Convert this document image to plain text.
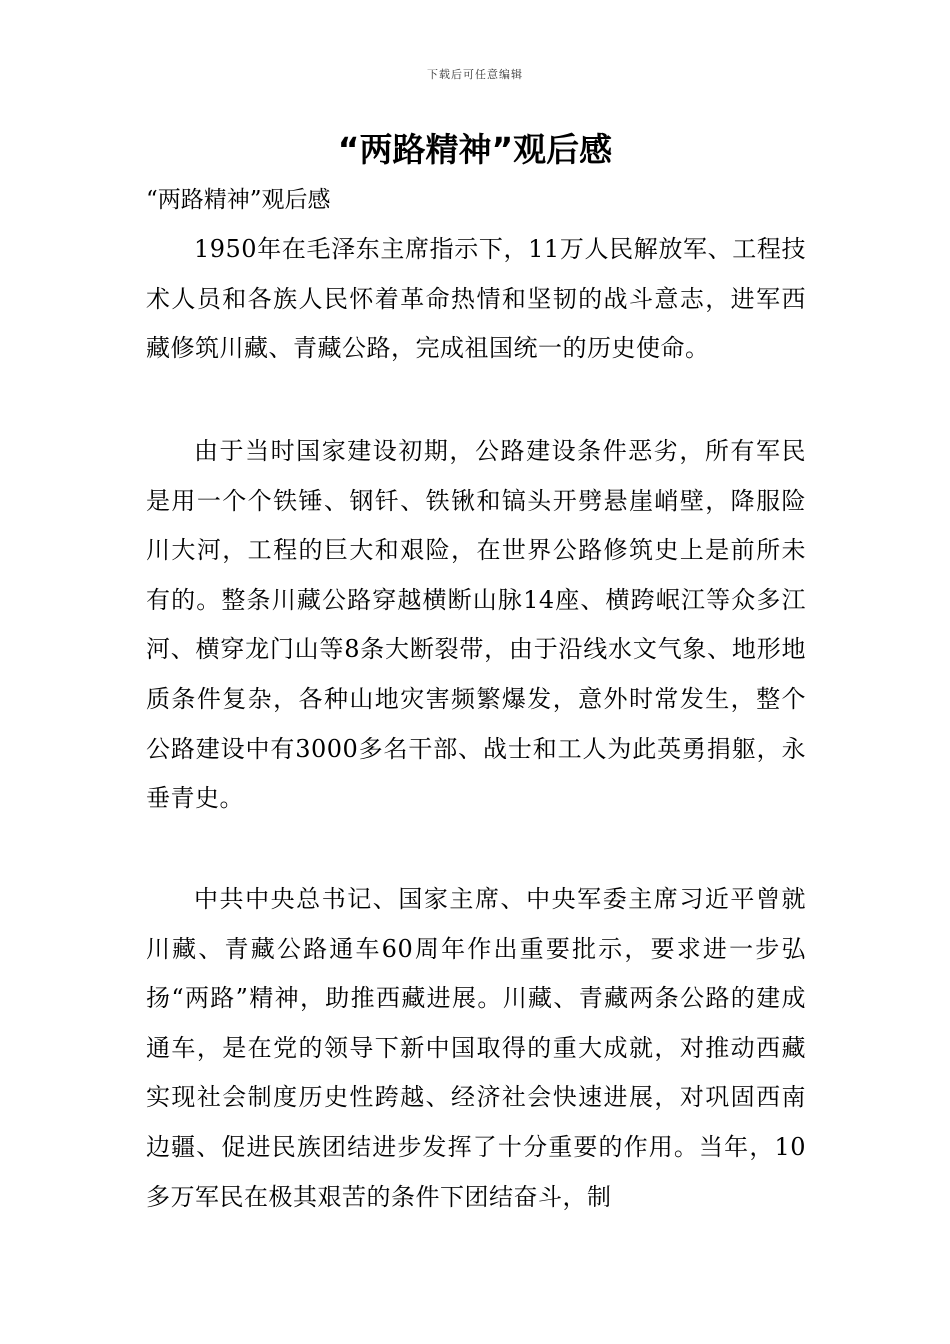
下载后可任意编辑
“两路精神”观后感

“两路精神”观后感

1950年在毛泽东主席指示下，11万人民解放军、工程技术人员和各族人民怀着革命热情和坚韧的战斗意志，进军西藏修筑川藏、青藏公路，完成祖国统一的历史使命。

由于当时国家建设初期，公路建设条件恶劣，所有军民是用一个个铁锤、钢钎、铁锹和镐头开劈悬崖峭壁，降服险川大河，工程的巨大和艰险，在世界公路修筑史上是前所未有的。整条川藏公路穿越横断山脉14座、横跨岷江等众多江河、横穿龙门山等8条大断裂带，由于沿线水文气象、地形地质条件复杂，各种山地灾害频繁爆发，意外时常发生，整个公路建设中有3000多名干部、战士和工人为此英勇捐躯，永垂青史。

中共中央总书记、国家主席、中央军委主席习近平曾就川藏、青藏公路通车60周年作出重要批示，要求进一步弘扬“两路”精神，助推西藏进展。川藏、青藏两条公路的建成通车，是在党的领导下新中国取得的重大成就，对推动西藏实现社会制度历史性跨越、经济社会快速进展，对巩固西南边疆、促进民族团结进步发挥了十分重要的作用。当年，10多万军民在极其艰苦的条件下团结奋斗，制
